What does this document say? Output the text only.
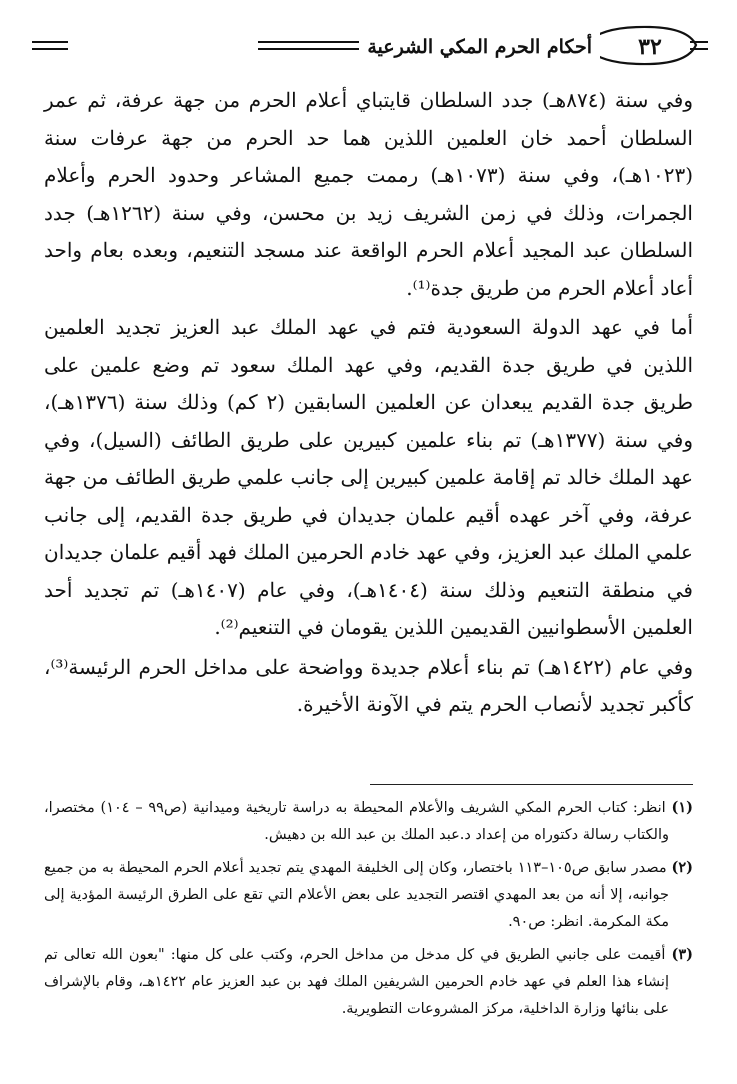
٣٢
أحكام الحرم المكي الشرعية

وفي سنة (٨٧٤هـ) جدد السلطان قايتباي أعلام الحرم من جهة عرفة، ثم عمر السلطان أحمد خان العلمين اللذين هما حد الحرم من جهة عرفات سنة (١٠٢٣هـ)، وفي سنة (١٠٧٣هـ) رممت جميع المشاعر وحدود الحرم وأعلام الجمرات، وذلك في زمن الشريف زيد بن محسن، وفي سنة (١٢٦٢هـ) جدد السلطان عبد المجيد أعلام الحرم الواقعة عند مسجد التنعيم، وبعده بعام واحد أعاد أعلام الحرم من طريق جدة⁽¹⁾.

أما في عهد الدولة السعودية فتم في عهد الملك عبد العزيز تجديد العلمين اللذين في طريق جدة القديم، وفي عهد الملك سعود تم وضع علمين على طريق جدة القديم يبعدان عن العلمين السابقين (٢ كم) وذلك سنة (١٣٧٦هـ)، وفي سنة (١٣٧٧هـ) تم بناء علمين كبيرين على طريق الطائف (السيل)، وفي عهد الملك خالد تم إقامة علمين كبيرين إلى جانب علمي طريق الطائف من جهة عرفة، وفي آخر عهده أقيم علمان جديدان في طريق جدة القديم، إلى جانب علمي الملك عبد العزيز، وفي عهد خادم الحرمين الملك فهد أقيم علمان جديدان في منطقة التنعيم وذلك سنة (١٤٠٤هـ)، وفي عام (١٤٠٧هـ) تم تجديد أحد العلمين الأسطوانيين القديمين اللذين يقومان في التنعيم⁽²⁾.

وفي عام (١٤٢٢هـ) تم بناء أعلام جديدة وواضحة على مداخل الحرم الرئيسة⁽³⁾، كأكبر تجديد لأنصاب الحرم يتم في الآونة الأخيرة.

(١) انظر: كتاب الحرم المكي الشريف والأعلام المحيطة به دراسة تاريخية وميدانية (ص٩٩ – ١٠٤) مختصرا، والكتاب رسالة دكتوراه من إعداد د.عبد الملك بن عبد الله بن دهيش.

(٢) مصدر سابق ص١٠٥–١١٣ باختصار، وكان إلى الخليفة المهدي يتم تجديد أعلام الحرم المحيطة به من جميع جوانبه، إلا أنه من بعد المهدي اقتصر التجديد على بعض الأعلام التي تقع على الطرق الرئيسة المؤدية إلى مكة المكرمة. انظر: ص٩٠.

(٣) أقيمت على جانبي الطريق في كل مدخل من مداخل الحرم، وكتب على كل منها: "بعون الله تعالى تم إنشاء هذا العلم في عهد خادم الحرمين الشريفين الملك فهد بن عبد العزيز عام ١٤٢٢هـ، وقام بالإشراف على بنائها وزارة الداخلية، مركز المشروعات التطويرية.
